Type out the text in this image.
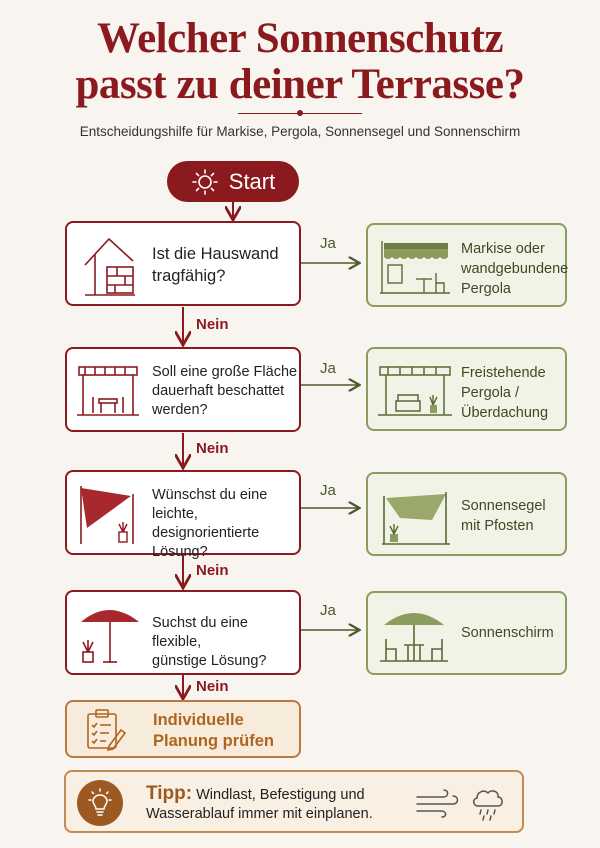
Welcher Sonnenschutz
passt zu deiner Terrasse?
Entscheidungshilfe für Markise, Pergola, Sonnensegel und Sonnenschirm
Start
Ist die Hauswand
tragfähig?
Soll eine große Fläche
dauerhaft beschattet
werden?
Wünschst du eine
leichte, designorientierte
Lösung?
Suchst du eine flexible,
günstige Lösung?
Ja
Ja
Ja
Ja
Nein
Nein
Nein
Nein
Markise oder
wandgebundene
Pergola
Freistehende
Pergola /
Überdachung
Sonnensegel
mit Pfosten
Sonnenschirm
Individuelle
Planung prüfen
Tipp: Windlast, Befestigung und
Wasserablauf immer mit einplanen.
